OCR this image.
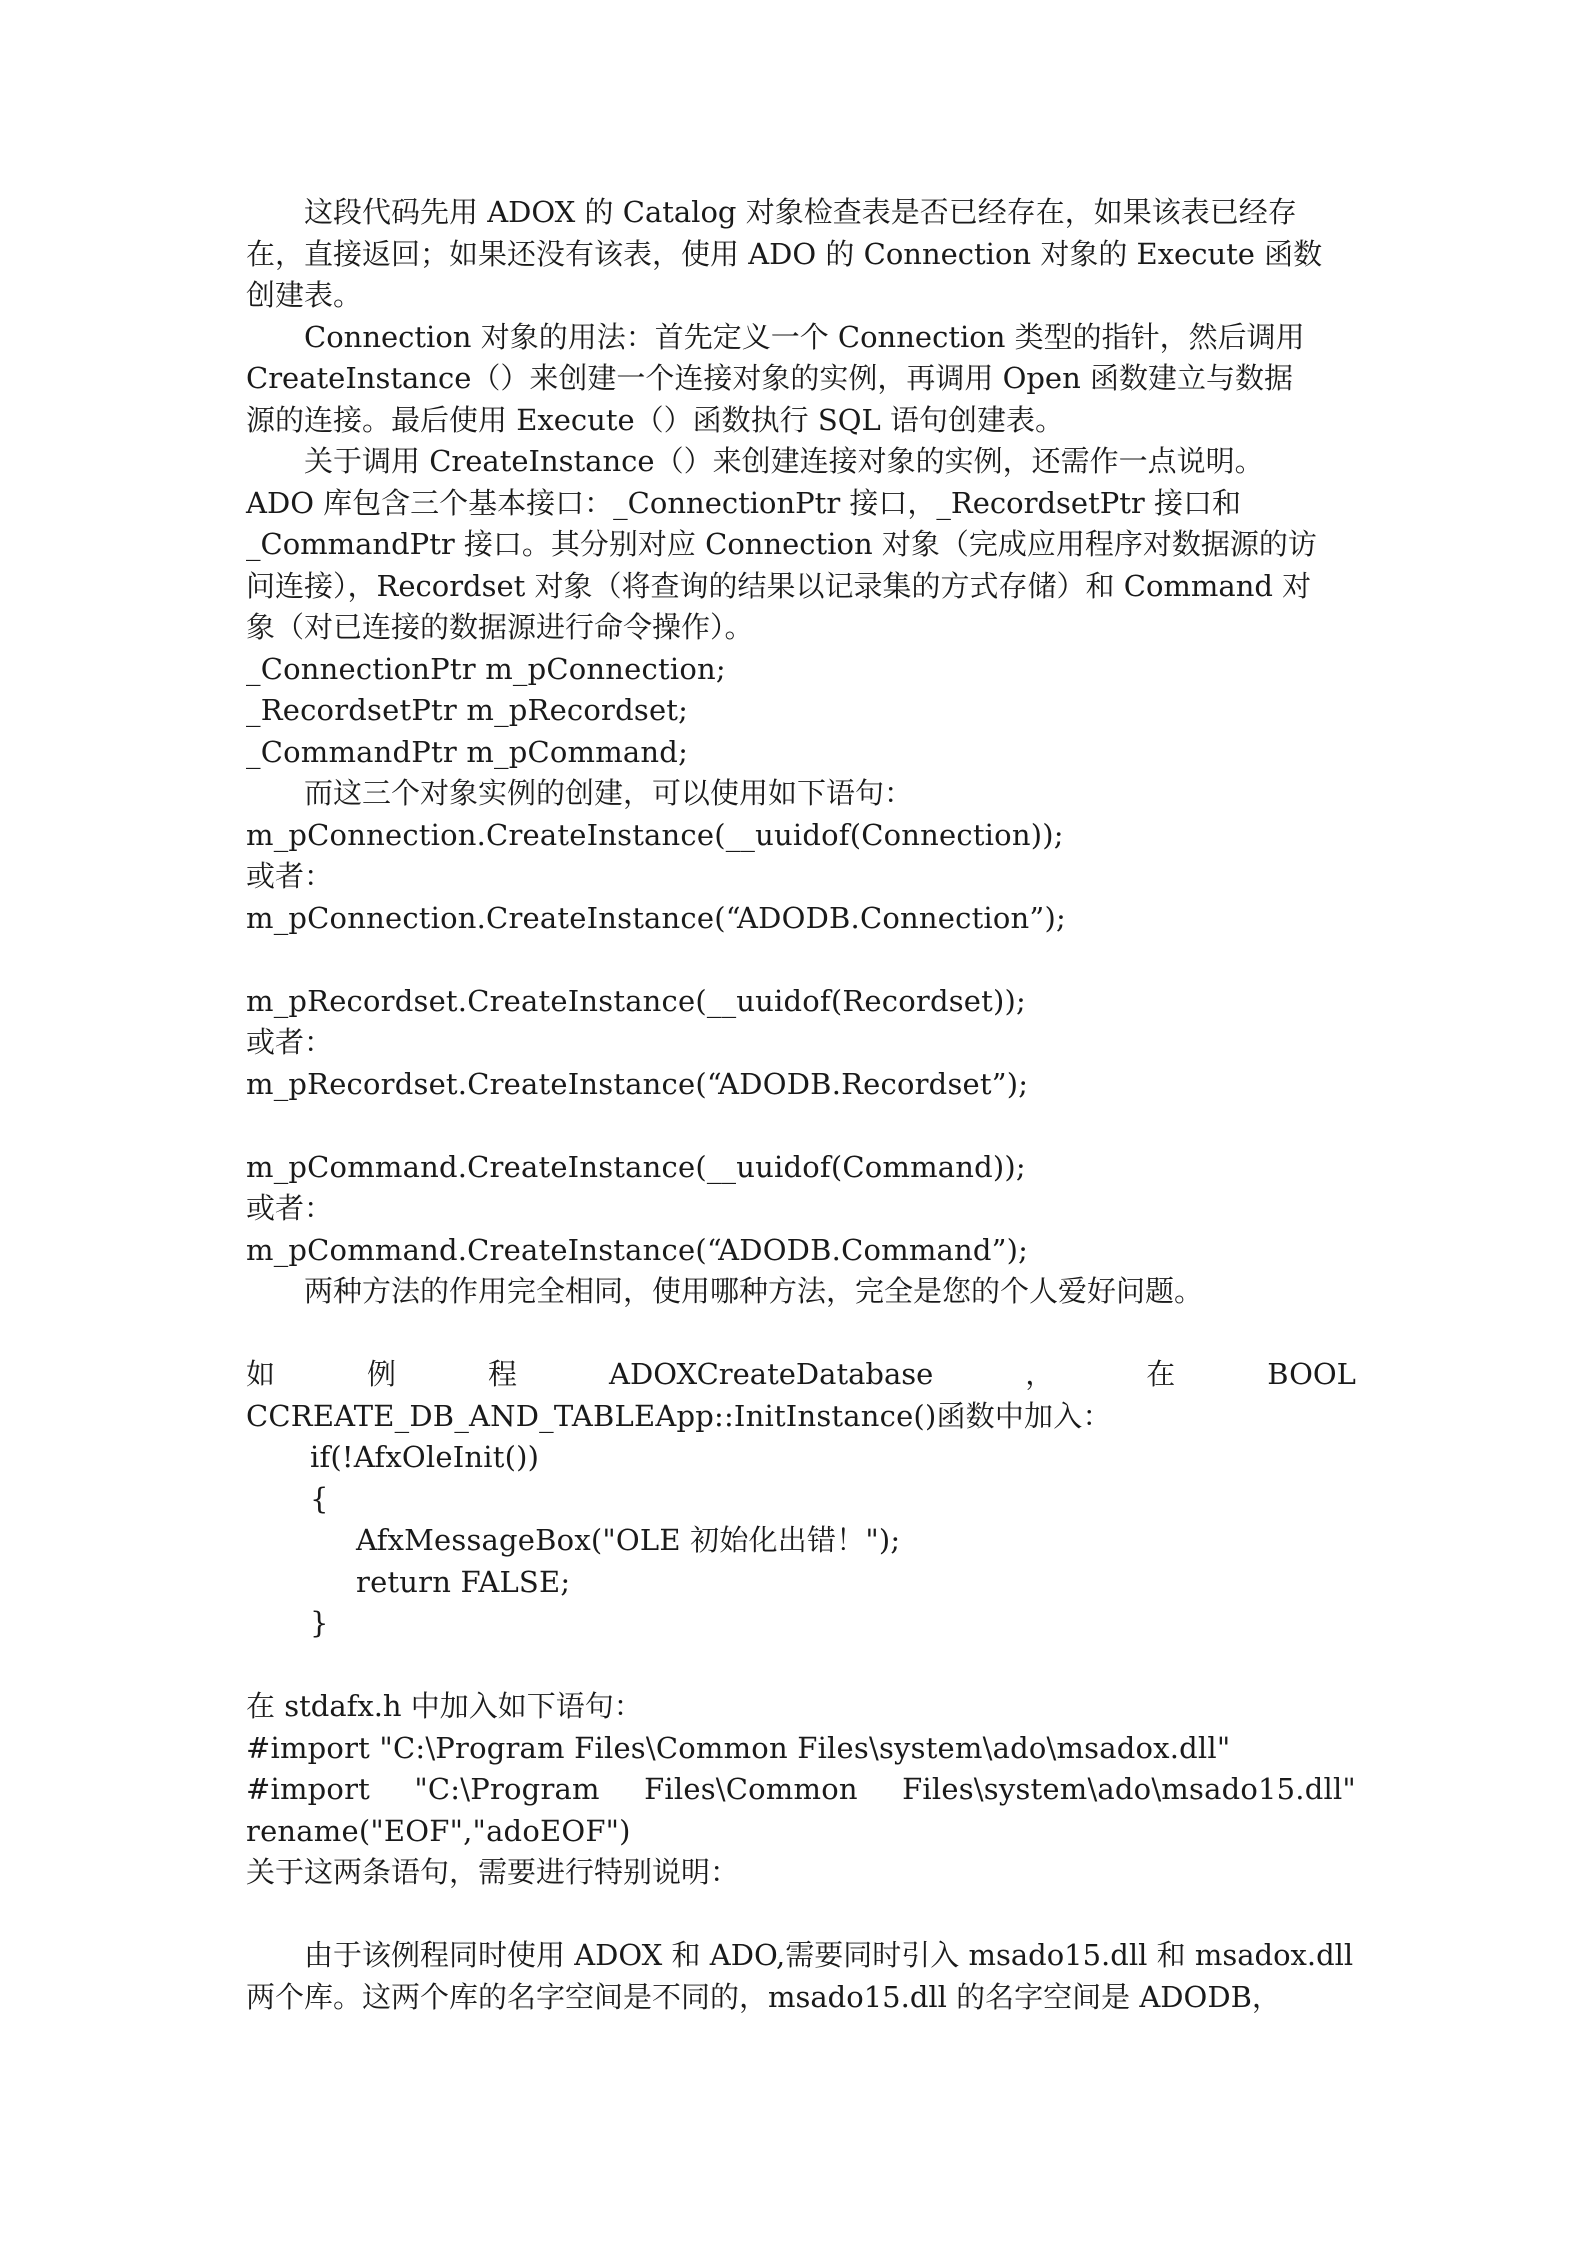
　　这段代码先用 ADOX 的 Catalog 对象检查表是否已经存在，如果该表已经存
在，直接返回；如果还没有该表，使用 ADO 的 Connection 对象的 Execute 函数
创建表。
　　Connection 对象的用法：首先定义一个 Connection 类型的指针，然后调用
CreateInstance（）来创建一个连接对象的实例，再调用 Open 函数建立与数据
源的连接。最后使用 Execute（）函数执行 SQL 语句创建表。
　　关于调用 CreateInstance（）来创建连接对象的实例，还需作一点说明。
ADO 库包含三个基本接口：_ConnectionPtr 接口，_RecordsetPtr 接口和
_CommandPtr 接口。其分别对应 Connection 对象（完成应用程序对数据源的访
问连接），Recordset 对象（将查询的结果以记录集的方式存储）和 Command 对
象（对已连接的数据源进行命令操作）。
_ConnectionPtr m_pConnection;
_RecordsetPtr m_pRecordset;
_CommandPtr m_pCommand;
　　而这三个对象实例的创建，可以使用如下语句：
m_pConnection.CreateInstance(__uuidof(Connection));
或者：
m_pConnection.CreateInstance(“ADODB.Connection”);
m_pRecordset.CreateInstance(__uuidof(Recordset));
或者：
m_pRecordset.CreateInstance(“ADODB.Recordset”);
m_pCommand.CreateInstance(__uuidof(Command));
或者：
m_pCommand.CreateInstance(“ADODB.Command”);
　　两种方法的作用完全相同，使用哪种方法，完全是您的个人爱好问题。
如	例	程	ADOXCreateDatabase	，	在	BOOL
CCREATE_DB_AND_TABLEApp::InitInstance()函数中加入：
if(!AfxOleInit())
{
AfxMessageBox("OLE 初始化出错！");
return FALSE;
}
在 stdafx.h 中加入如下语句：
#import "C:\Program Files\Common Files\system\ado\msadox.dll"
#import "C:\Program Files\Common Files\system\ado\msado15.dll"
rename("EOF","adoEOF")
关于这两条语句，需要进行特别说明：
　　由于该例程同时使用 ADOX 和 ADO,需要同时引入 msado15.dll 和 msadox.dll
两个库。这两个库的名字空间是不同的，msado15.dll 的名字空间是 ADODB，
